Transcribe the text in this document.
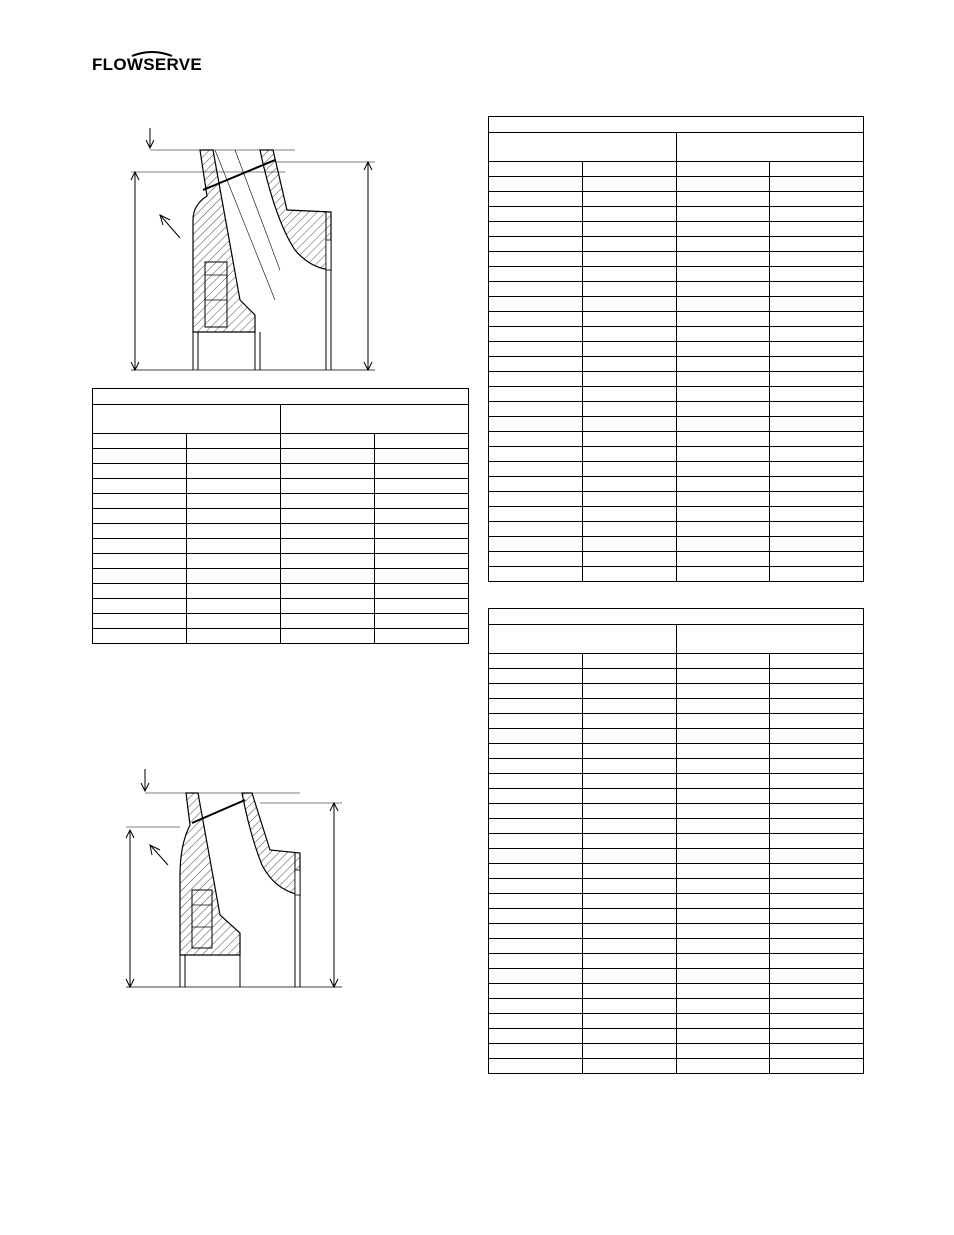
FLOWSERVE
